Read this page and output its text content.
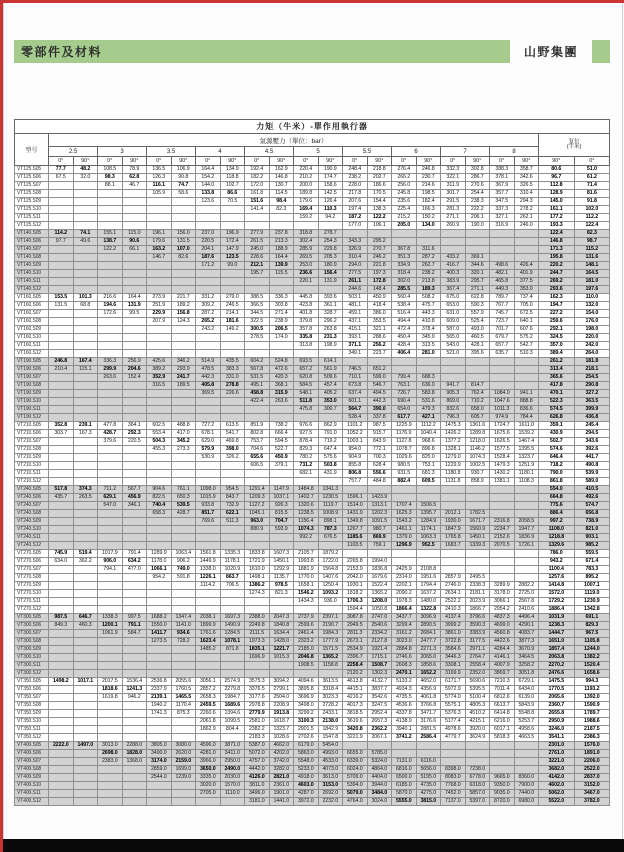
零部件及材料	山野集團
力矩（牛米）-單作用執行器																						
型号	氣源壓力（單位：bar）																				复位
(牛米)	

	2.5		3		3.5		4		4.5		5		5.5		6		7		8			
	0°	90°	0°	90°	0°	90°	0°	90°	0°	90°	0°	90°	0°	90°	0°	90°	0°	90°	0°	90°	90°	0°
VT125.S05	77.7	48.2	108.5	78.9	136.5	106.9	164.4	134.9	192.4	162.9	220.4	190.9	248.4	218.8	276.4	246.8	332.3	302.8	388.3	358.7	80.6	51.0
VT125.S06	67.5	32.0	98.3	62.8	126.3	90.8	154.2	118.8	182.2	146.8	210.2	174.7	238.2	202.7	266.2	230.7	322.1	286.7	378.1	342.6	96.7	61.2
VT125.S07			88.1	46.7	116.1	74.7	144.0	102.7	172.0	130.7	200.0	158.6	228.0	186.6	256.0	214.6	311.9	270.6	367.9	326.5	112.8	71.4
VT125.S08					105.9	58.6	133.8	86.6	161.8	114.5	189.8	142.5	217.8	170.5	245.8	198.5	301.7	254.4	357.7	310.4	128.9	81.6
VT125.S09							123.6	70.5	151.6	98.4	179.6	126.4	207.6	154.4	235.6	182.4	291.5	238.3	347.5	294.3	145.0	91.8
VT125.S10									141.4	82.3	169.4	110.3	197.4	138.3	225.4	166.3	281.3	222.2	337.3	278.2	161.1	102.0
VT125.S11											159.2	94.2	187.2	122.2	215.2	150.2	271.1	206.1	327.1	262.1	177.2	112.2
VT125.S12													177.0	106.1	205.0	134.0	260.9	190.0	316.9	246.0	193.3	122.4
VT140.S05	114.2	74.1	155.1	115.0	196.1	156.0	237.0	196.9	277.9	237.8	318.8	278.7									122.4	82.3
VT140.S06	97.7	49.6	138.7	90.6	179.6	131.5	220.5	172.4	261.5	213.3	302.4	254.3	343.3	295.2							146.8	98.7
VT140.S07			122.2	66.1	163.2	107.0	204.1	147.9	245.0	188.9	285.9	229.8	326.9	270.7	367.8	311.6					171.3	115.2
VT140.S08					146.7	82.6	187.6	123.5	228.6	164.4	269.5	205.3	310.4	246.2	351.3	287.2	433.2	369.1			195.8	131.6
VT140.S09							171.2	99.0	212.1	139.9	253.0	180.9	294.0	221.8	334.9	262.7	416.7	344.6	498.6	426.4	220.2	148.1
VT140.S10									195.7	115.5	236.6	156.4	277.5	197.3	318.4	238.2	400.3	320.1	482.1	401.9	244.7	164.5
VT140.S11											220.1	131.9	261.1	172.8	302.0	213.8	383.9	295.7	465.8	377.5	269.2	181.0
VT140.S12													244.6	148.4	285.5	189.3	367.4	271.1	449.3	353.0	293.6	197.6
VT160.S05	153.5	101.3	216.6	164.4	273.9	221.7	331.2	279.0	388.5	336.3	445.8	393.6	503.1	450.9	560.4	508.2	675.0	622.8	789.7	737.4	162.3	110.0
VT160.S06	131.5	68.8	194.6	131.9	251.9	189.2	309.2	246.5	366.5	303.8	423.8	361.1	481.1	418.4	538.4	475.7	653.0	590.3	767.7	705.0	194.7	132.0
VT160.S07			172.6	99.5	229.9	156.8	287.2	214.1	344.5	271.4	401.8	328.7	459.1	386.0	516.4	443.3	631.0	557.9	745.7	672.5	227.2	154.0
VT160.S08					207.9	124.3	265.2	181.6	322.5	238.9	379.8	296.2	437.1	353.5	494.4	410.8	609.0	525.4	723.7	640.1	259.6	176.0
VT160.S09							243.2	149.2	300.5	206.5	357.8	263.8	415.1	321.1	472.4	378.4	587.0	493.0	701.7	607.6	292.1	198.0
VT160.S10									278.5	174.0	335.8	231.3	393.1	288.6	450.4	345.9	565.0	460.5	679.7	575.2	324.5	220.0
VT160.S11											313.8	198.9	371.1	256.2	428.4	313.5	543.0	428.1	657.7	542.7	357.0	242.0
VT160.S12													349.1	223.7	406.4	281.0	521.0	395.6	635.7	510.3	389.4	264.0
VT190.S05	246.8	167.4	336.3	256.9	425.6	346.2	514.9	435.5	604.2	524.8	693.5	614.1									261.2	181.8
VT190.S06	210.4	115.1	299.9	204.6	389.2	293.9	478.5	383.3	567.8	472.6	657.2	561.9	746.5	651.2							313.4	218.1
VT190.S07			263.6	152.4	352.9	241.7	442.3	331.0	531.5	420.3	620.8	509.6	710.1	599.0	799.4	688.3					365.6	254.5
VT190.S08					316.5	189.5	405.8	278.8	495.1	368.1	584.5	457.4	673.8	546.7	763.1	636.0	941.7	814.7			417.8	290.8
VT190.S09							369.5	226.6	458.8	315.9	548.1	405.2	637.4	494.5	726.7	583.8	905.3	762.4	1084.0	941.1	470.1	327.2
VT190.S10									422.4	263.6	511.8	353.0	601.1	442.3	690.4	531.6	869.0	710.2	1047.6	888.8	522.3	363.5
VT190.S11											475.8	300.7	564.7	390.0	654.0	479.3	832.6	658.0	1011.3	836.6	574.5	399.9
VT190.S12													528.4	337.8	617.7	427.1	796.3	605.7	974.9	784.4	626.8	436.8
VT210.S05	352.8	239.1	477.8	364.1	602.5	488.8	727.2	613.5	851.9	738.2	976.6	862.9	1101.2	987.5	1225.9	1112.2	1475.3	1361.6	1724.7	1611.0	359.1	245.4
VT210.S06	303.7	167.3	428.7	292.3	553.4	417.0	678.1	541.7	802.8	666.4	927.5	791.0	1052.2	915.7	1176.9	1040.4	1426.2	1289.8	1675.6	1539.2	430.9	294.5
VT210.S07			379.6	220.5	504.3	345.2	629.0	469.8	753.7	594.5	878.4	719.2	1003.1	843.9	1127.8	968.6	1377.2	1218.0	1626.5	1467.4	502.7	343.6
VT210.S08					455.3	273.3	579.9	398.0	704.6	522.7	829.3	647.4	954.0	772.1	1078.7	896.8	1328.1	1146.2	1577.5	1395.5	574.6	392.6
VT210.S09							530.9	326.2	655.6	450.9	780.2	575.6	904.9	700.3	1029.6	825.0	1279.0	1074.3	1528.4	1323.7	646.4	441.7
VT210.S10									606.5	379.1	731.2	503.8	855.8	628.4	980.5	753.1	1229.9	1002.5	1479.3	1251.9	718.2	490.8
VT210.S11											682.1	431.9	806.8	556.6	931.5	681.3	1180.8	930.7	1430.2	1180.1	790.0	539.9
VT210.S12													757.7	484.8	882.4	609.5	1131.8	858.9	1381.1	1108.3	861.8	589.0
VT240.S05	517.8	374.3	711.2	567.7	904.6	761.1	1098.0	954.5	1291.4	1147.9	1484.8	1341.3									554.0	410.5
VT240.S06	435.7	263.5	629.1	456.9	822.5	650.3	1015.9	843.7	1209.3	1037.1	1402.7	1230.5	1596.1	1423.9							664.8	492.6
VT240.S07			547.0	346.1	740.4	539.5	933.8	732.9	1127.2	926.3	1320.6	1119.7	1514.0	1313.1	1707.4	1506.5					775.6	574.7
VT240.S08					658.3	428.7	851.7	622.1	1045.1	815.5	1238.5	1008.9	1431.9	1202.3	1625.3	1395.7	2012.1	1782.5			886.4	656.8
VT240.S09							769.6	511.3	963.0	704.7	1156.4	898.1	1349.8	1091.5	1543.2	1284.9	1930.0	1671.7	2316.8	2058.5	997.2	738.9
VT240.S10									880.9	593.9	1074.3	787.3	1267.7	980.7	1461.1	1174.1	1847.9	1560.9	2234.7	1947.7	1108.0	821.0
VT240.S11											992.2	676.5	1185.6	869.9	1379.0	1063.3	1765.8	1450.1	2152.6	1836.9	1218.8	903.1
VT240.S12													1103.5	759.1	1296.9	952.5	1683.7	1339.3	2070.5	1726.1	1329.6	985.2
VT270.S05	745.9	519.4	1017.9	791.4	1289.9	1063.4	1561.8	1335.3	1833.8	1607.3	2105.7	1879.2									786.0	559.5
VT270.S06	634.0	362.2	906.0	634.2	1178.0	906.2	1449.9	1178.1	1721.9	1450.1	1993.8	1722.0	2265.8	1994.0							943.2	671.4
VT270.S07			794.1	477.0	1066.1	749.0	1338.0	1020.9	1610.0	1292.9	1881.9	1564.8	2153.9	1836.8	2425.9	2108.8					1100.4	783.3
VT270.S08					954.2	591.8	1226.1	863.7	1498.1	1135.7	1770.0	1407.6	2042.0	1679.6	2314.0	1951.6	2857.9	2495.5			1257.6	895.2
VT270.S09							1114.2	706.5	1386.2	978.5	1658.1	1250.4	1930.1	1522.4	2202.1	1794.4	2746.0	2338.3	3289.9	2882.2	1414.8	1007.1
VT270.S10									1274.3	821.3	1546.2	1093.2	1818.2	1365.2	2090.2	1637.2	2634.1	2181.1	3178.0	2725.0	1572.0	1119.0
VT270.S11											1434.3	936.0	1706.3	1208.0	1978.3	1480.0	2522.2	2023.9	3066.1	2567.8	1729.2	1230.9
VT270.S12													1594.4	1050.8	1866.4	1322.8	2410.3	1866.7	2954.2	2410.6	1886.4	1342.8
VT300.S05	987.5	646.7	1338.3	997.5	1688.2	1347.4	2038.1	1697.3	2388.0	2047.3	2737.9	2397.1	3087.8	2747.0	3437.7	3096.9	4137.4	3796.6	4837.3	4496.4	1031.9	691.1
VT300.S06	849.3	460.3	1200.1	791.1	1550.0	1141.0	1899.9	1490.9	2249.8	1840.8	2599.6	2190.7	2949.5	2540.6	3299.4	2890.5	3999.2	3590.3	4699.0	4290.1	1238.3	829.3
VT300.S07			1061.9	584.7	1411.7	934.6	1761.6	1284.5	2111.5	1634.4	2461.4	1984.3	2811.3	2334.2	3161.2	2684.1	3861.0	3383.9	4560.8	4083.7	1444.7	967.5
VT300.S08					1273.5	728.2	1623.4	1078.1	1973.3	1428.0	2323.2	1777.9	2673.1	2127.8	3023.0	2477.7	3722.8	3177.5	4422.6	3877.3	1651.0	1105.8
VT300.S09							1485.2	871.8	1835.1	1221.7	2185.0	1571.5	2534.9	1921.4	2884.8	2271.3	3584.6	2971.1	4284.4	3670.9	1857.4	1244.0
VT300.S10									1696.9	1015.3	2046.8	1365.2	2396.7	1715.1	2746.6	2065.0	3446.3	2764.7	4146.1	3464.5	2063.8	1382.2
VT300.S11											1908.5	1158.8	2258.4	1508.7	2608.3	1858.6	3308.1	2558.4	4007.9	3258.2	2270.2	1520.4
VT300.S12													2120.2	1302.3	2470.1	1652.2	3169.9	2352.0	3869.7	3051.8	2476.6	1658.6
VT350.S05	1498.2	1017.1	2017.5	1536.4	2536.8	2055.6	3056.1	2574.9	3575.3	3094.2	4094.6	3613.5	4613.8	4132.7	5133.2	4652.0	6171.7	5690.6	7210.3	6729.1	1475.5	994.3
VT350.S06			1818.6	1241.3	2337.9	1760.5	2857.2	2279.8	3376.5	2799.1	3895.8	3318.4	4415.1	3837.7	4934.3	4356.9	5972.9	5395.5	7011.4	6434.0	1770.5	1193.2
VT350.S07			1619.8	946.2	2139.1	1465.5	2658.3	1984.7	3177.6	2504.0	3696.9	3023.3	4216.2	3542.6	4735.5	4061.8	5774.0	5100.4	6812.6	6139.0	2065.6	1392.0
VT350.S08					1940.2	1170.4	2459.5	1689.6	2978.8	2208.9	3498.0	2728.2	4017.3	3247.5	4536.6	3766.8	5575.1	4805.3	6613.7	5843.9	2360.7	1590.9
VT350.S09					1741.3	875.3	2260.6	1394.6	2779.9	1913.8	3299.2	2433.1	3818.5	2952.4	4337.8	3471.7	5376.3	4510.2	6414.8	5548.8	2655.8	1789.7
VT350.S10							2061.8	1099.5	2581.0	1618.7	3100.3	2138.0	3619.6	2657.3	4138.9	3176.6	5177.4	4215.1	6216.0	5253.7	2950.9	1988.6
VT350.S11							1862.9	804.4	2382.2	1323.7	2901.5	1842.9	3420.8	2362.2	3940.1	2881.5	4978.6	3920.0	6017.1	4958.6	3246.0	2187.5
VT350.S12									2183.3	1028.6	2702.6	1547.8	3221.9	2067.1	3741.2	2586.4	4779.7	3624.9	5818.3	4663.5	3541.1	2386.3
VT400.S05	2222.0	1497.0	3013.0	2288.0	3805.0	3080.0	4596.0	3871.0	5387.0	4662.0	6179.0	5454.0									2301.0	1576.0
VT400.S06			2698.0	1828.0	3490.0	2620.0	4281.0	3411.0	5072.0	4202.0	5863.0	4993.0	6655.0	5785.0							2761.0	1891.0
VT400.S07			2383.0	1368.0	3174.0	2159.0	3966.0	2950.0	4757.0	3742.0	5548.0	4533.0	6339.0	5324.0	7131.0	6116.0					3221.0	2206.0
VT400.S08					2859.0	1699.0	3650.0	2490.0	4442.0	3282.0	5233.0	4073.0	6024.0	4864.0	6816.0	5656.0	8398.0	7238.0			3682.0	2522.0
VT400.S09					2544.0	1239.0	3335.0	2030.0	4126.0	2821.0	4918.0	3613.0	5709.0	4404.0	6500.0	5195.0	8083.0	6778.0	9665.0	8360.0	4142.0	2837.0
VT400.S10							3020.0	1570.0	3811.0	2361.0	4603.0	3153.0	5394.0	3944.0	6185.0	4735.0	7768.0	6318.0	9350.0	7900.0	4602.0	3152.0
VT400.S11							2705.0	1110.0	3496.0	1901.0	4287.0	2692.0	5079.0	3484.0	5870.0	4275.0	7452.0	5857.0	9035.0	7440.0	5062.0	3467.0
VT400.S12									3181.0	1441.0	3972.0	2232.0	4764.0	3024.0	5555.0	3815.0	7137.0	5397.0	8720.0	6980.0	5522.0	3782.0
